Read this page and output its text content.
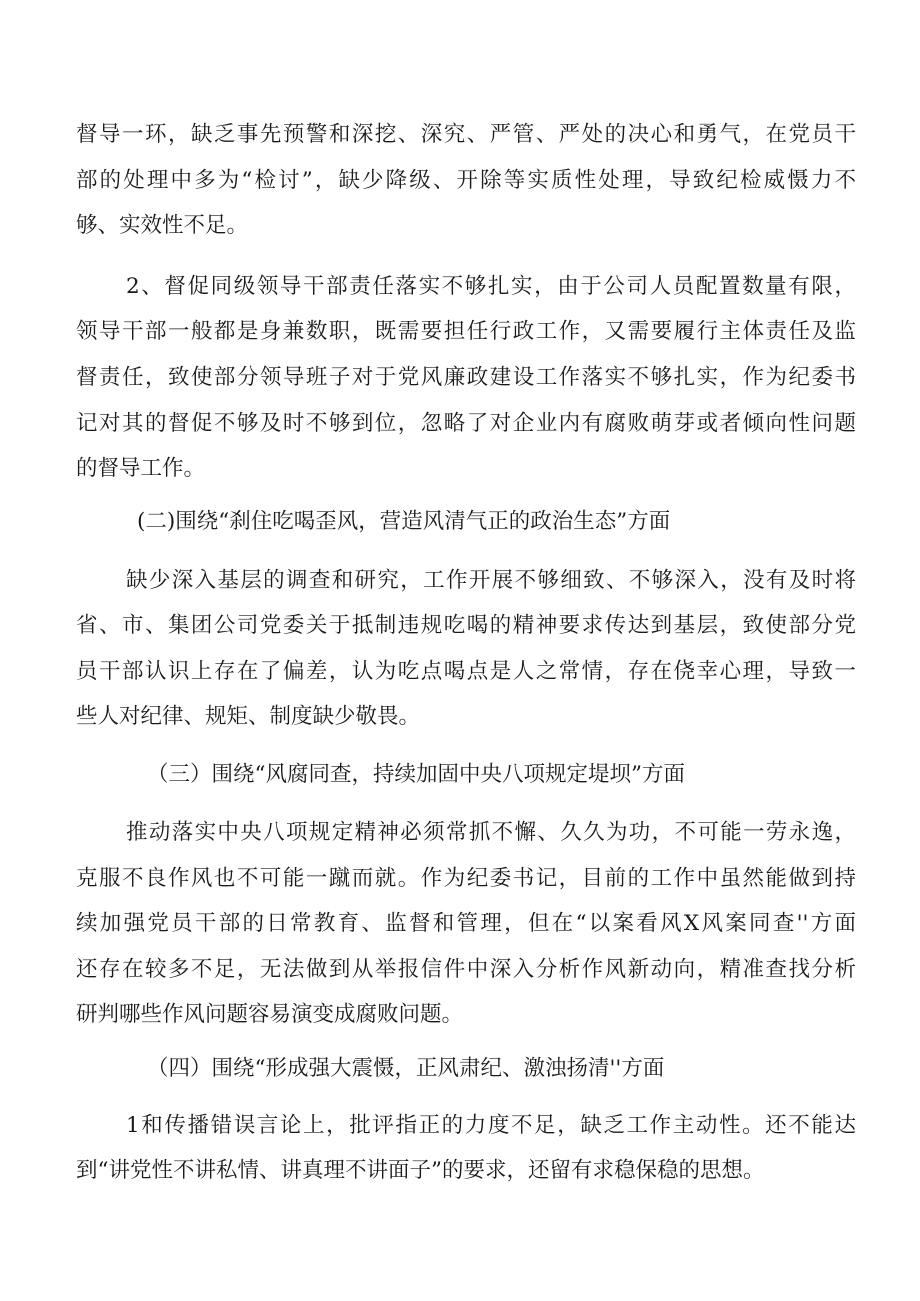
督导一环，缺乏事先预警和深挖、深究、严管、严处的决心和勇气，在党员干
部的处理中多为“检讨”，缺少降级、开除等实质性处理，导致纪检威慑力不
够、实效性不足。
2、督促同级领导干部责任落实不够扎实，由于公司人员配置数量有限，
领导干部一般都是身兼数职，既需要担任行政工作，又需要履行主体责任及监
督责任，致使部分领导班子对于党风廉政建设工作落实不够扎实，作为纪委书
记对其的督促不够及时不够到位，忽略了对企业内有腐败萌芽或者倾向性问题
的督导工作。
(二)围绕“刹住吃喝歪风，营造风清气正的政治生态”方面
缺少深入基层的调查和研究，工作开展不够细致、不够深入，没有及时将
省、市、集团公司党委关于抵制违规吃喝的精神要求传达到基层，致使部分党
员干部认识上存在了偏差，认为吃点喝点是人之常情，存在侥幸心理，导致一
些人对纪律、规矩、制度缺少敬畏。
（三）围绕“风腐同查，持续加固中央八项规定堤坝”方面
推动落实中央八项规定精神必须常抓不懈、久久为功，不可能一劳永逸，
克服不良作风也不可能一蹴而就。作为纪委书记，目前的工作中虽然能做到持
续加强党员干部的日常教育、监督和管理，但在“以案看风X风案同查''方面
还存在较多不足，无法做到从举报信件中深入分析作风新动向，精准查找分析
研判哪些作风问题容易演变成腐败问题。
（四）围绕“形成强大震慑，正风肃纪、激浊扬清''方面
1和传播错误言论上，批评指正的力度不足，缺乏工作主动性。还不能达
到“讲党性不讲私情、讲真理不讲面子”的要求，还留有求稳保稳的思想。
